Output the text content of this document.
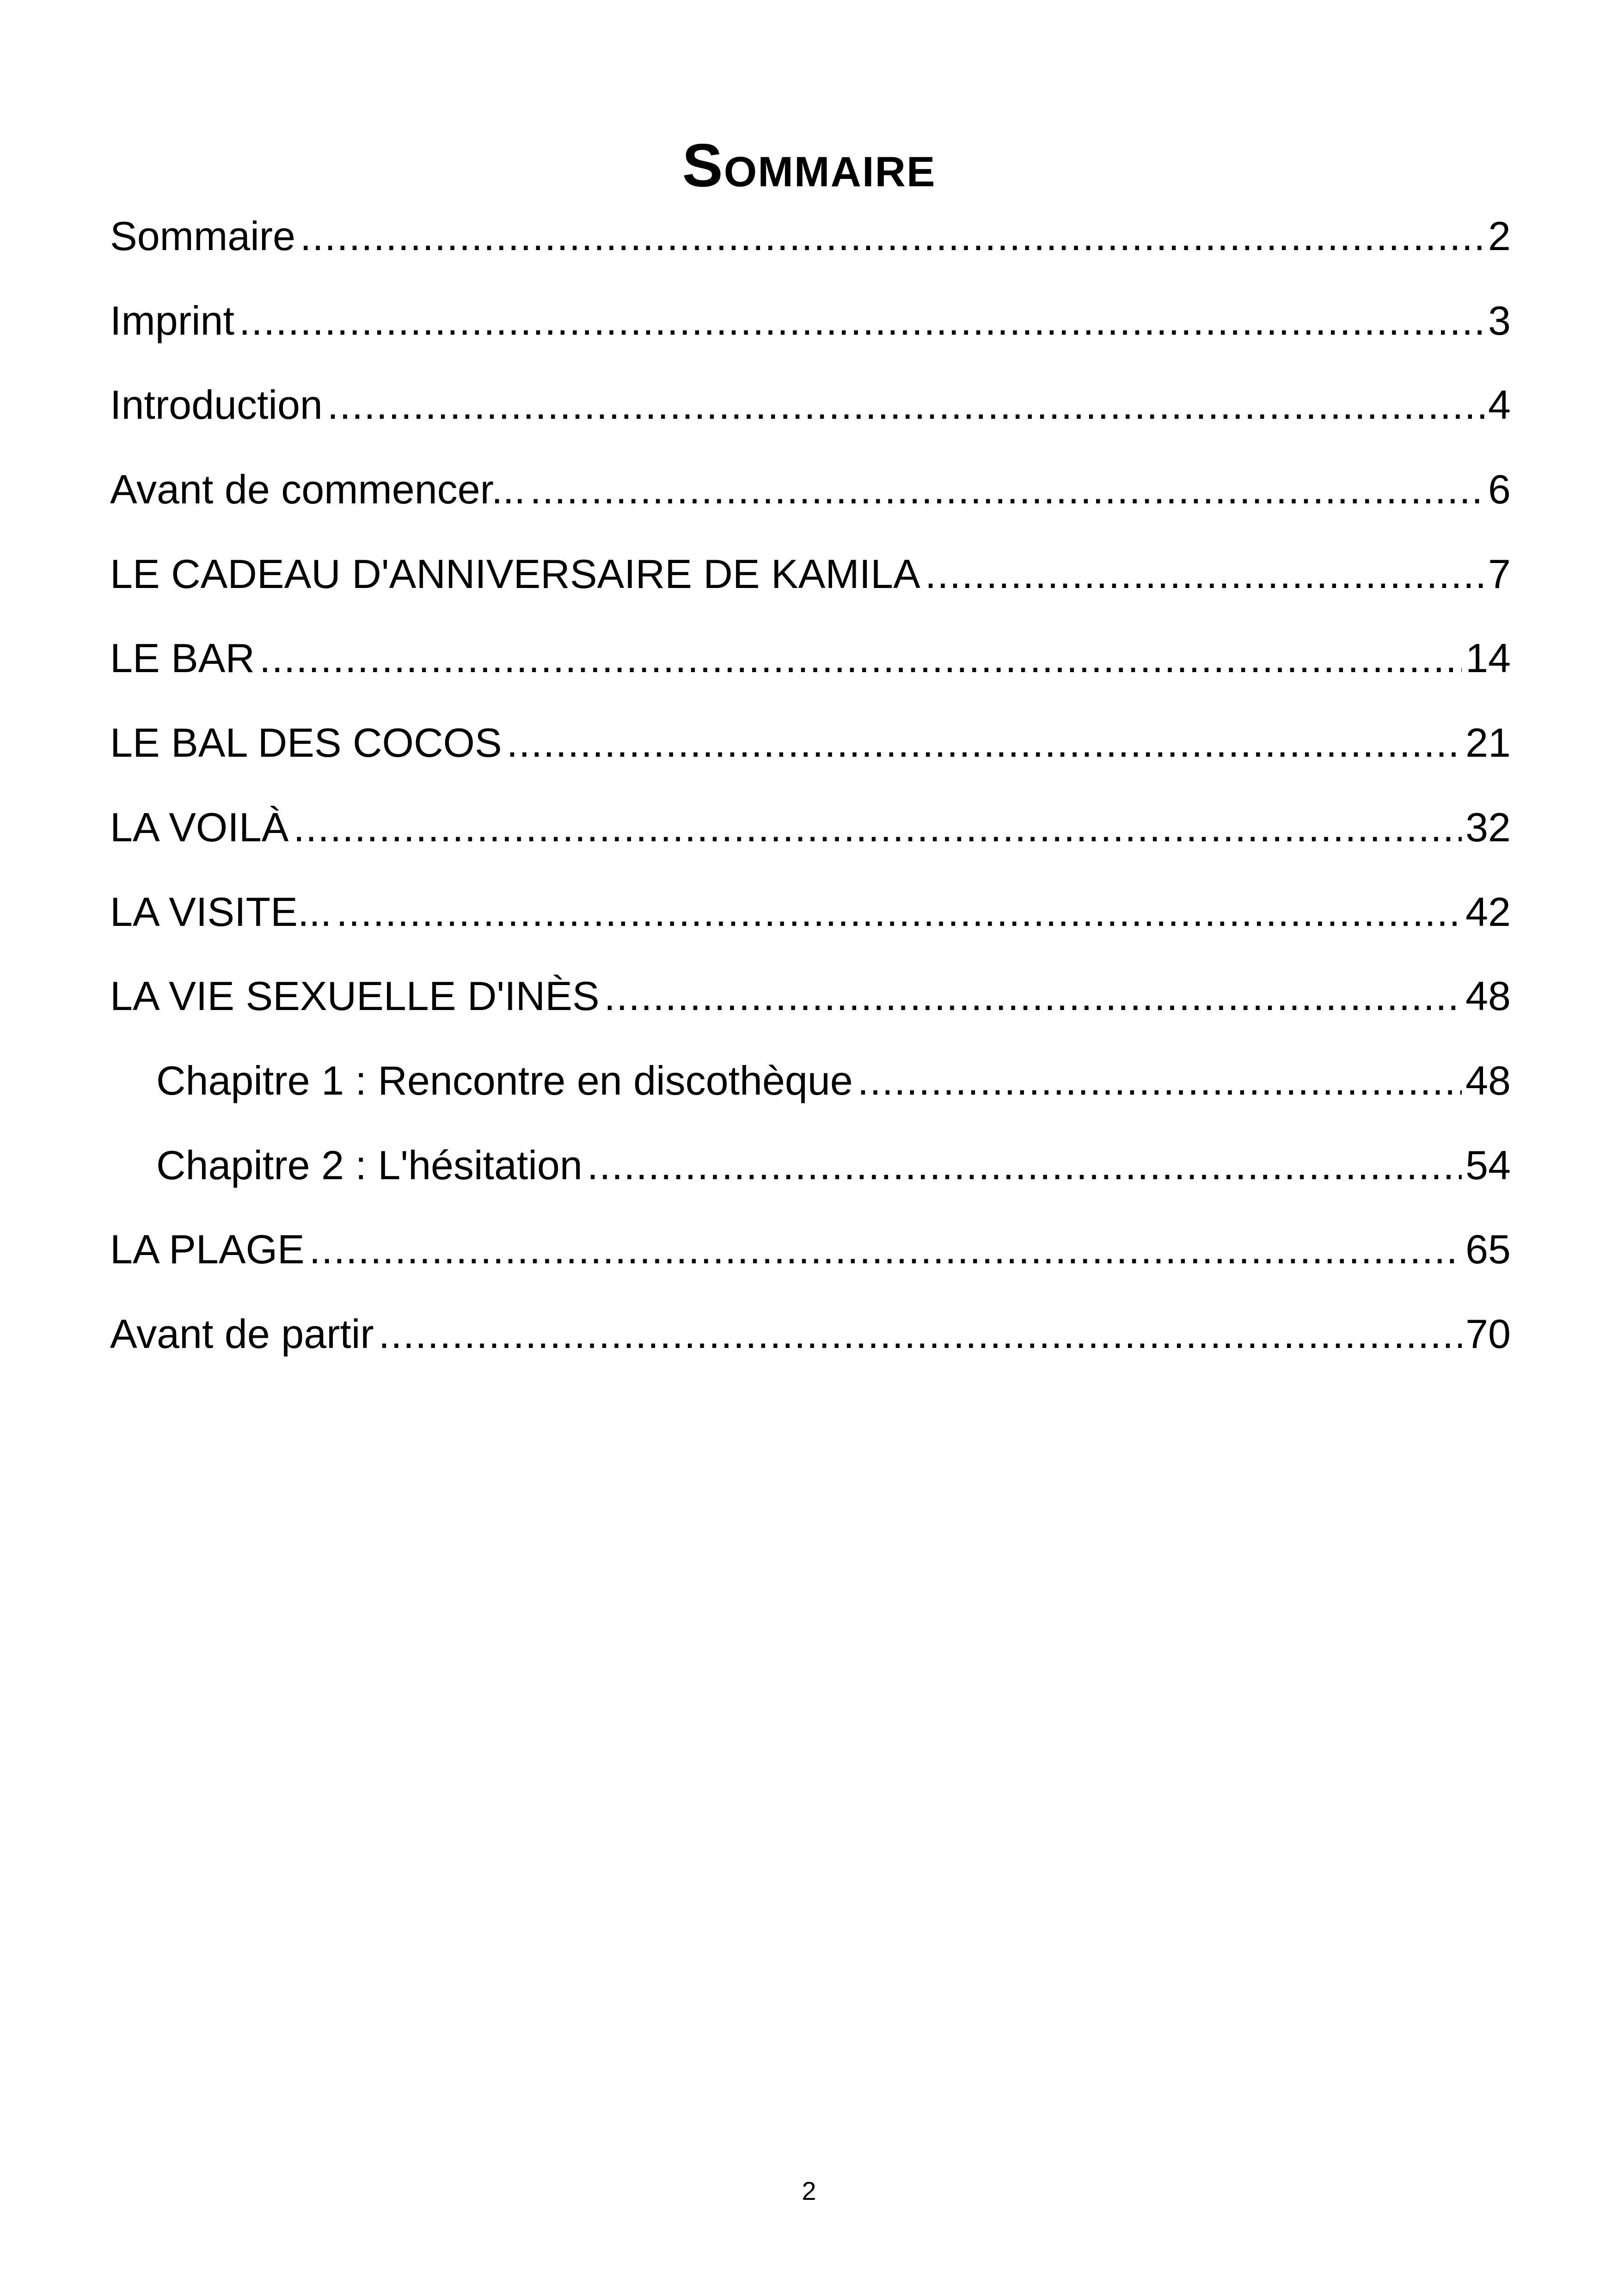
Sommaire
Sommaire .....	2
Imprint .....	3
Introduction .....	4
Avant de commencer... .....	6
LE CADEAU D'ANNIVERSAIRE DE KAMILA .....	7
LE BAR .....	14
LE BAL DES COCOS .....	21
LA VOILÀ .....	32
LA VISITE... .....	42
LA VIE SEXUELLE D'INÈS .....	48
Chapitre 1 : Rencontre en discothèque .....	48
Chapitre 2 : L'hésitation .....	54
LA PLAGE .....	65
Avant de partir .....	70
2
